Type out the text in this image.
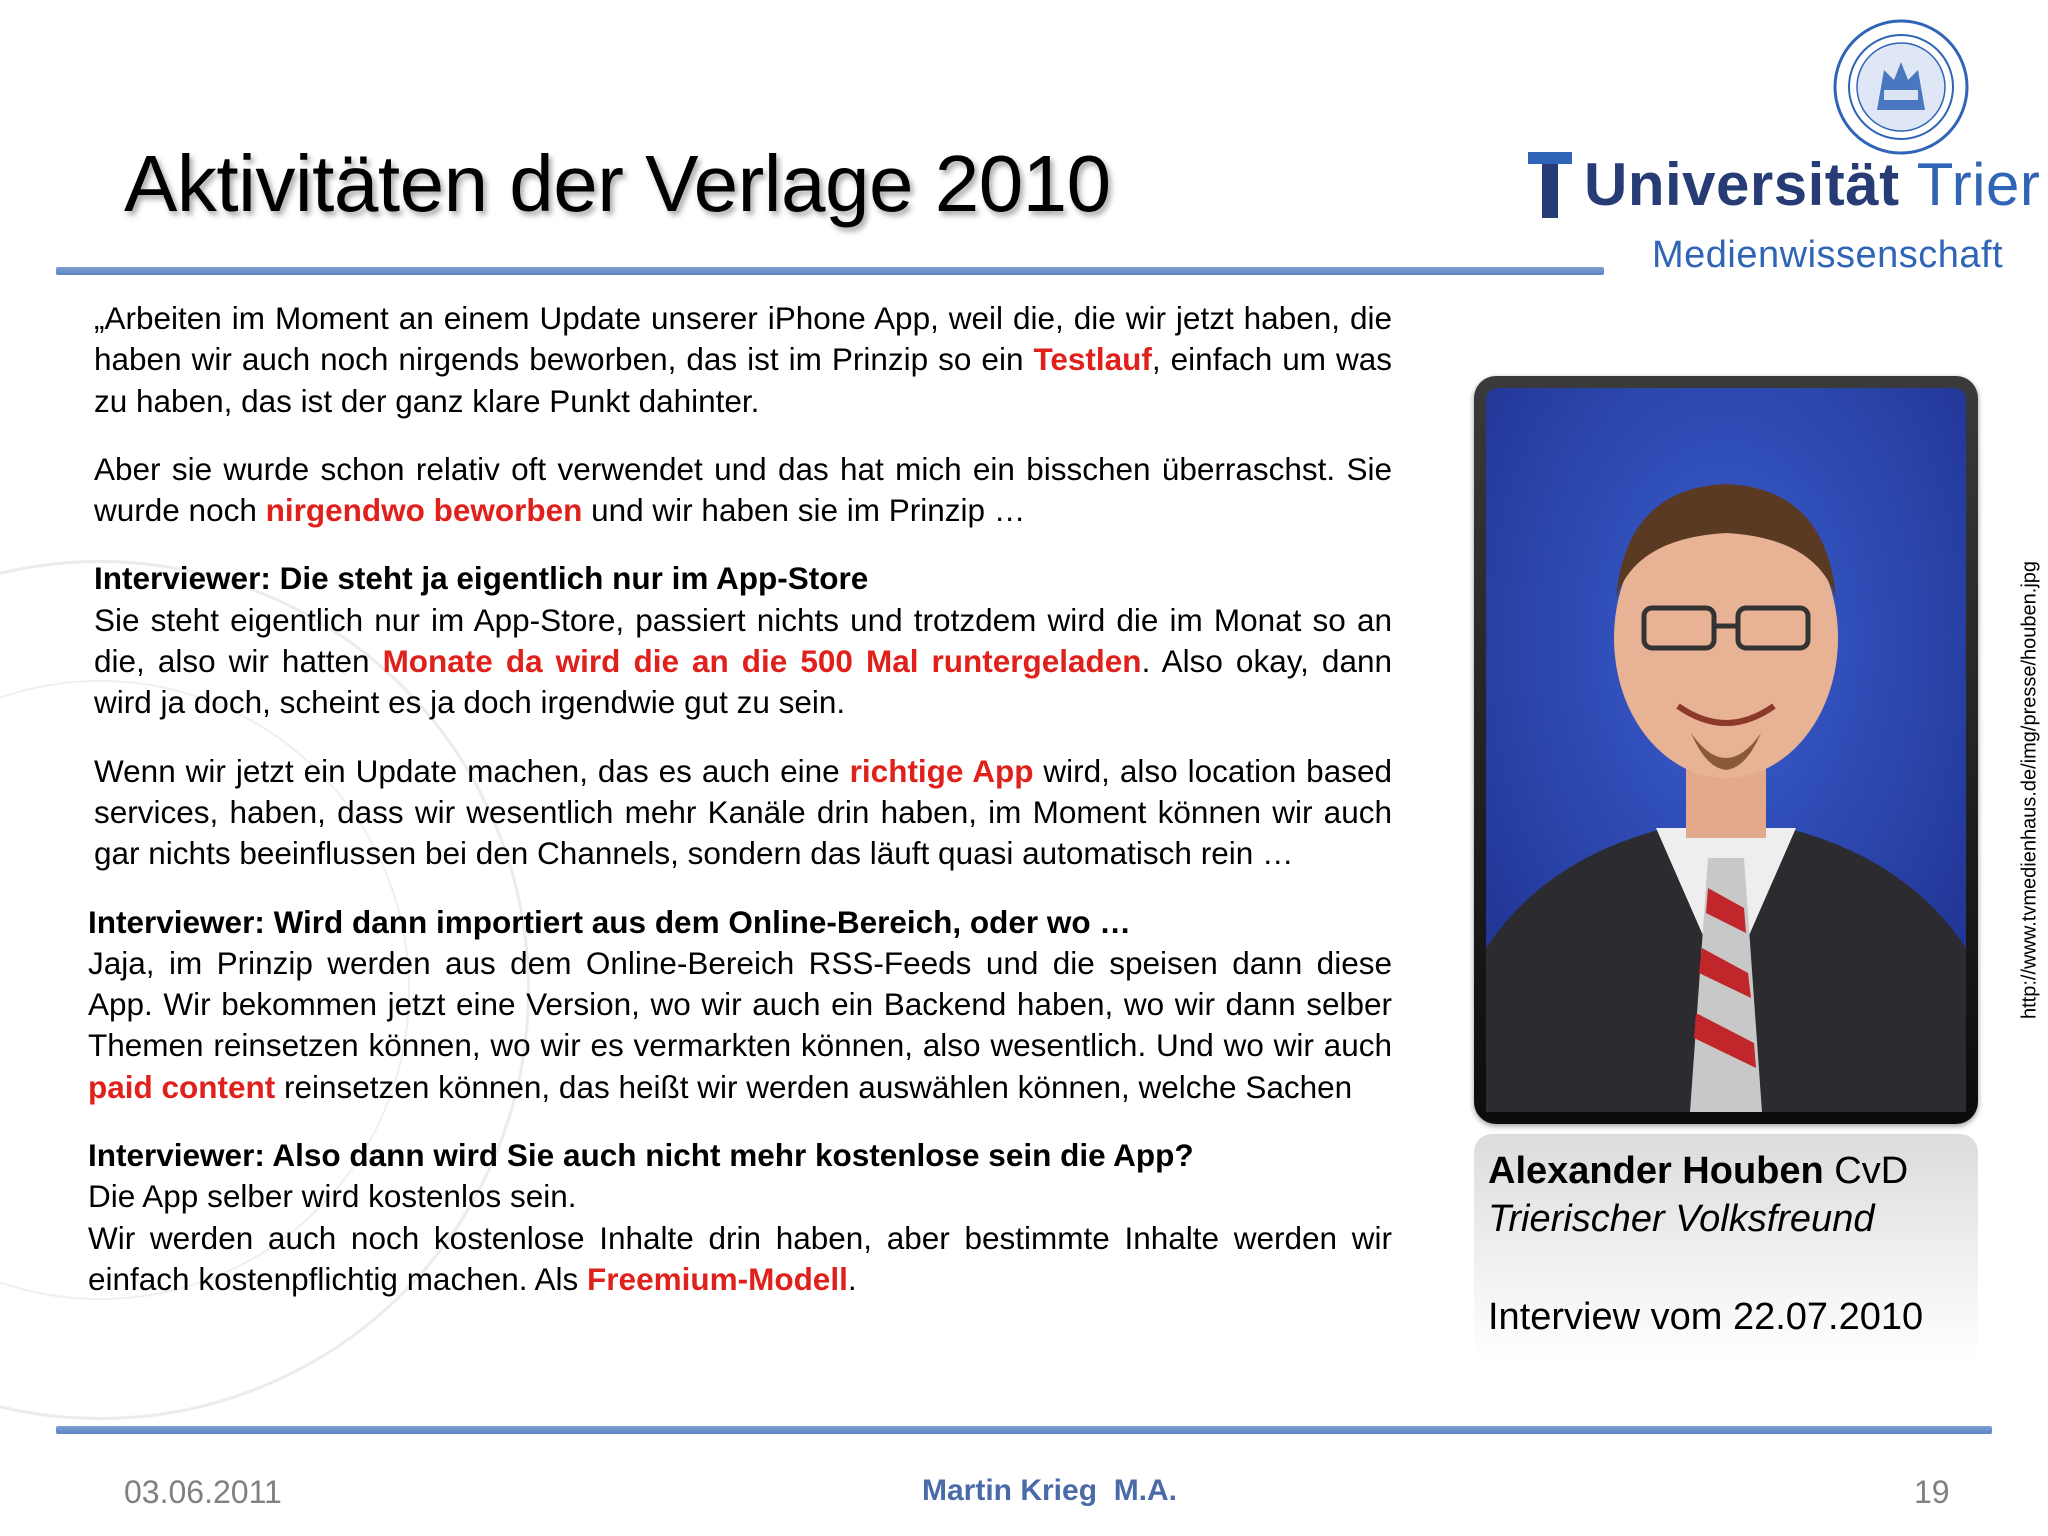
Aktivitäten der Verlage 2010	Universität Trier
Medienwissenschaft

„Arbeiten im Moment an einem Update unserer iPhone App, weil die, die wir jetzt haben, die haben wir auch noch nirgends beworben, das ist im Prinzip so ein Testlauf, einfach um was zu haben, das ist der ganz klare Punkt dahinter.

Aber sie wurde schon relativ oft verwendet und das hat mich ein bisschen überraschst. Sie wurde noch nirgendwo beworben und wir haben sie im Prinzip …

Interviewer: Die steht ja eigentlich nur im App-Store
Sie steht eigentlich nur im App-Store, passiert nichts und trotzdem wird die im Monat so an die, also wir hatten Monate da wird die an die 500 Mal runtergeladen. Also okay, dann wird ja doch, scheint es ja doch irgendwie gut zu sein.

Wenn wir jetzt ein Update machen, das es auch eine richtige App wird, also location based services, haben, dass wir wesentlich mehr Kanäle drin haben, im Moment können wir auch gar nichts beeinflussen bei den Channels, sondern das läuft quasi automatisch rein …

Interviewer: Wird dann importiert aus dem Online-Bereich, oder wo …
Jaja, im Prinzip werden aus dem Online-Bereich RSS-Feeds und die speisen dann diese App. Wir bekommen jetzt eine Version, wo wir auch ein Backend haben, wo wir dann selber Themen reinsetzen können, wo wir es vermarkten können, also wesentlich. Und wo wir auch paid content reinsetzen können, das heißt wir werden auswählen können, welche Sachen

Interviewer: Also dann wird Sie auch nicht mehr kostenlose sein die App?
Die App selber wird kostenlos sein.
Wir werden auch noch kostenlose Inhalte drin haben, aber bestimmte Inhalte werden wir einfach kostenpflichtig machen. Als Freemium-Modell.

Alexander Houben CvD
Trierischer Volksfreund
Interview vom 22.07.2010
http://www.tvmedienhaus.de/img/presse/houben.jpg
03.06.2011	Martin Krieg  M.A.	19
